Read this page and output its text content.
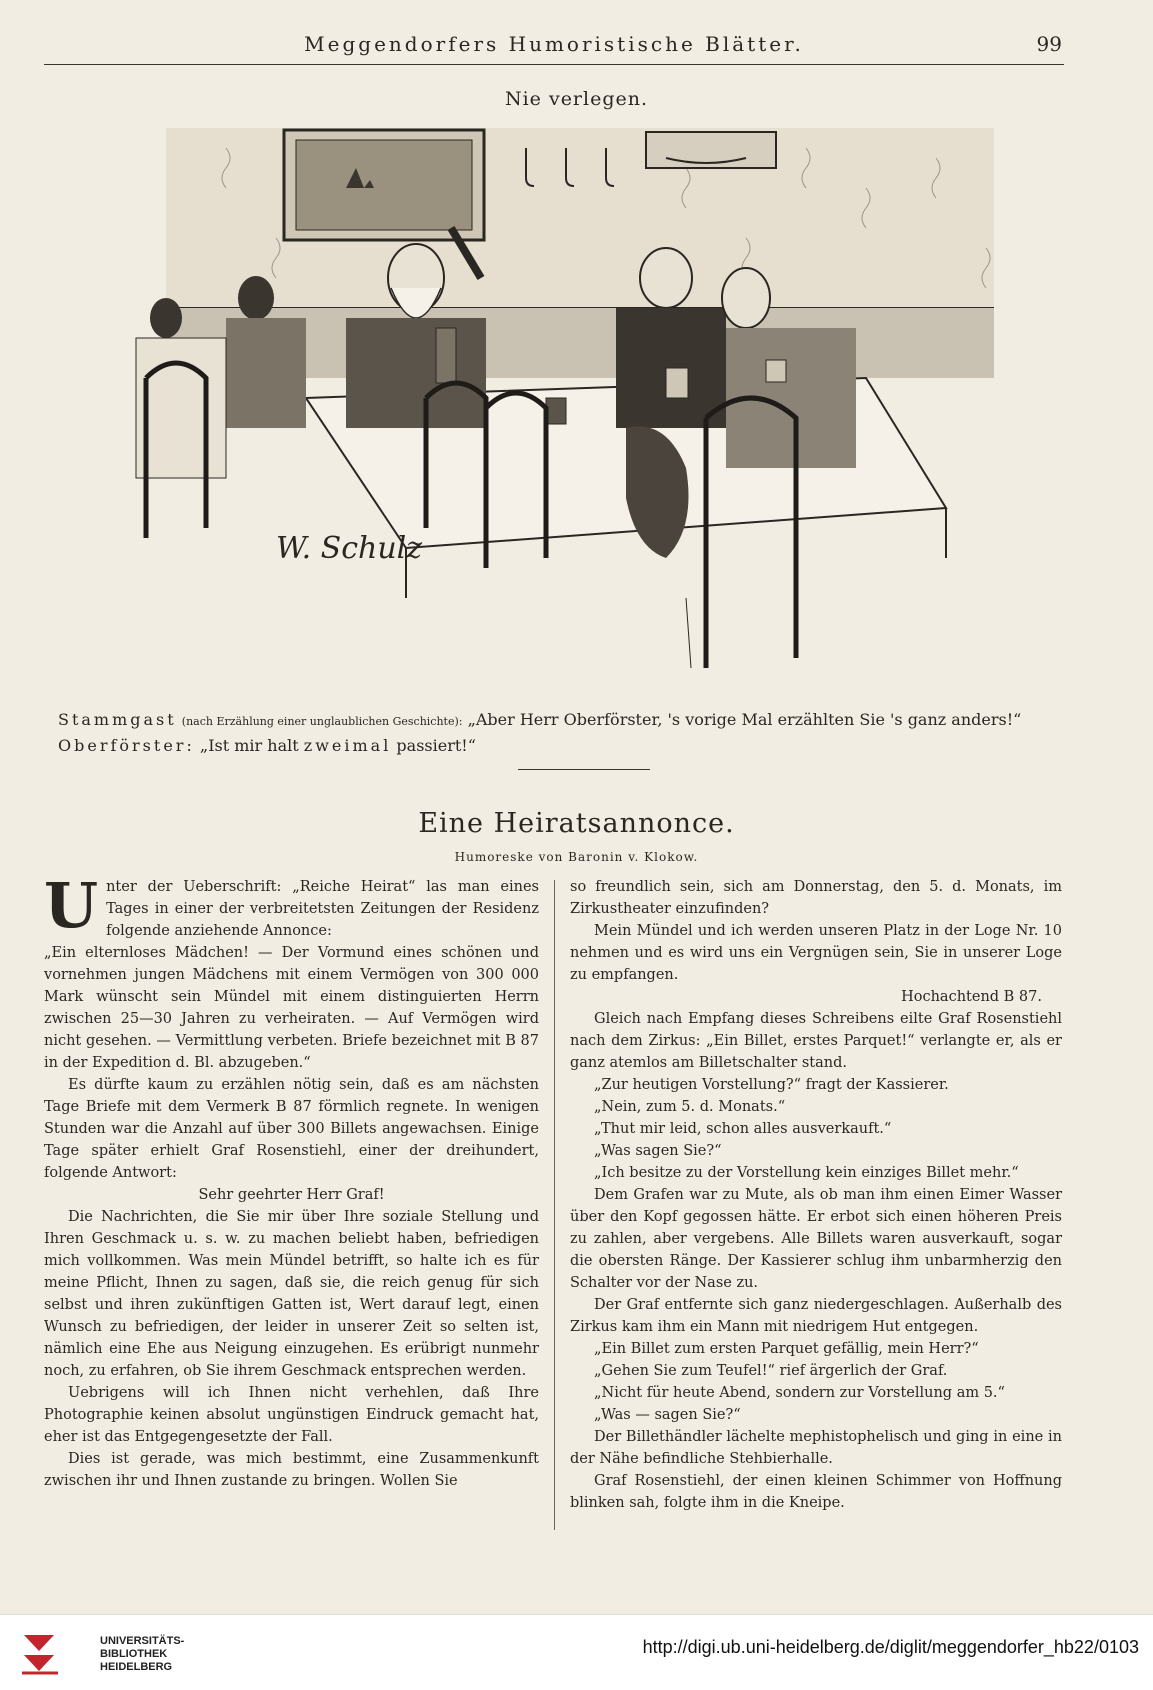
Meggendorfers Humoristische Blätter.	99
Nie verlegen.
W. Schulz
Stammgast (nach Erzählung einer unglaublichen Geschichte): „Aber Herr Oberförster, 's vorige Mal erzählten Sie 's ganz anders!“
Oberförster: „Ist mir halt zweimal passiert!“
Eine Heiratsannonce.
Humoreske von Baronin v. Klokow.

Unter der Ueberschrift: „Reiche Heirat“ las man eines Tages in einer der verbreitetsten Zeitungen der Residenz folgende anziehende Annonce:

„Ein elternloses Mädchen! — Der Vormund eines schönen und vornehmen jungen Mädchens mit einem Vermögen von 300 000 Mark wünscht sein Mündel mit einem distinguierten Herrn zwischen 25—30 Jahren zu verheiraten. — Auf Vermögen wird nicht gesehen. — Vermittlung verbeten. Briefe bezeichnet mit B 87 in der Expedition d. Bl. abzugeben.“

Es dürfte kaum zu erzählen nötig sein, daß es am nächsten Tage Briefe mit dem Vermerk B 87 förmlich regnete. In wenigen Stunden war die Anzahl auf über 300 Billets angewachsen. Einige Tage später erhielt Graf Rosenstiehl, einer der dreihundert, folgende Antwort:

Sehr geehrter Herr Graf!

Die Nachrichten, die Sie mir über Ihre soziale Stellung und Ihren Geschmack u. s. w. zu machen beliebt haben, befriedigen mich vollkommen. Was mein Mündel betrifft, so halte ich es für meine Pflicht, Ihnen zu sagen, daß sie, die reich genug für sich selbst und ihren zukünftigen Gatten ist, Wert darauf legt, einen Wunsch zu befriedigen, der leider in unserer Zeit so selten ist, nämlich eine Ehe aus Neigung einzugehen. Es erübrigt nunmehr noch, zu erfahren, ob Sie ihrem Geschmack entsprechen werden.

Uebrigens will ich Ihnen nicht verhehlen, daß Ihre Photographie keinen absolut ungünstigen Eindruck gemacht hat, eher ist das Entgegengesetzte der Fall.

Dies ist gerade, was mich bestimmt, eine Zusammenkunft zwischen ihr und Ihnen zustande zu bringen. Wollen Sie

so freundlich sein, sich am Donnerstag, den 5. d. Monats, im Zirkustheater einzufinden?

Mein Mündel und ich werden unseren Platz in der Loge Nr. 10 nehmen und es wird uns ein Vergnügen sein, Sie in unserer Loge zu empfangen.

Hochachtend B 87.

Gleich nach Empfang dieses Schreibens eilte Graf Rosenstiehl nach dem Zirkus: „Ein Billet, erstes Parquet!“ verlangte er, als er ganz atemlos am Billetschalter stand.

„Zur heutigen Vorstellung?“ fragt der Kassierer.

„Nein, zum 5. d. Monats.“

„Thut mir leid, schon alles ausverkauft.“

„Was sagen Sie?“

„Ich besitze zu der Vorstellung kein einziges Billet mehr.“

Dem Grafen war zu Mute, als ob man ihm einen Eimer Wasser über den Kopf gegossen hätte. Er erbot sich einen höheren Preis zu zahlen, aber vergebens. Alle Billets waren ausverkauft, sogar die obersten Ränge. Der Kassierer schlug ihm unbarmherzig den Schalter vor der Nase zu.

Der Graf entfernte sich ganz niedergeschlagen. Außerhalb des Zirkus kam ihm ein Mann mit niedrigem Hut entgegen.

„Ein Billet zum ersten Parquet gefällig, mein Herr?“

„Gehen Sie zum Teufel!“ rief ärgerlich der Graf.

„Nicht für heute Abend, sondern zur Vorstellung am 5.“

„Was — sagen Sie?“

Der Billethändler lächelte mephistophelisch und ging in eine in der Nähe befindliche Stehbierhalle.

Graf Rosenstiehl, der einen kleinen Schimmer von Hoffnung blinken sah, folgte ihm in die Kneipe.

UNIVERSITÄTS-
BIBLIOTHEK
HEIDELBERG
http://digi.ub.uni-heidelberg.de/diglit/meggendorfer_hb22/0103
